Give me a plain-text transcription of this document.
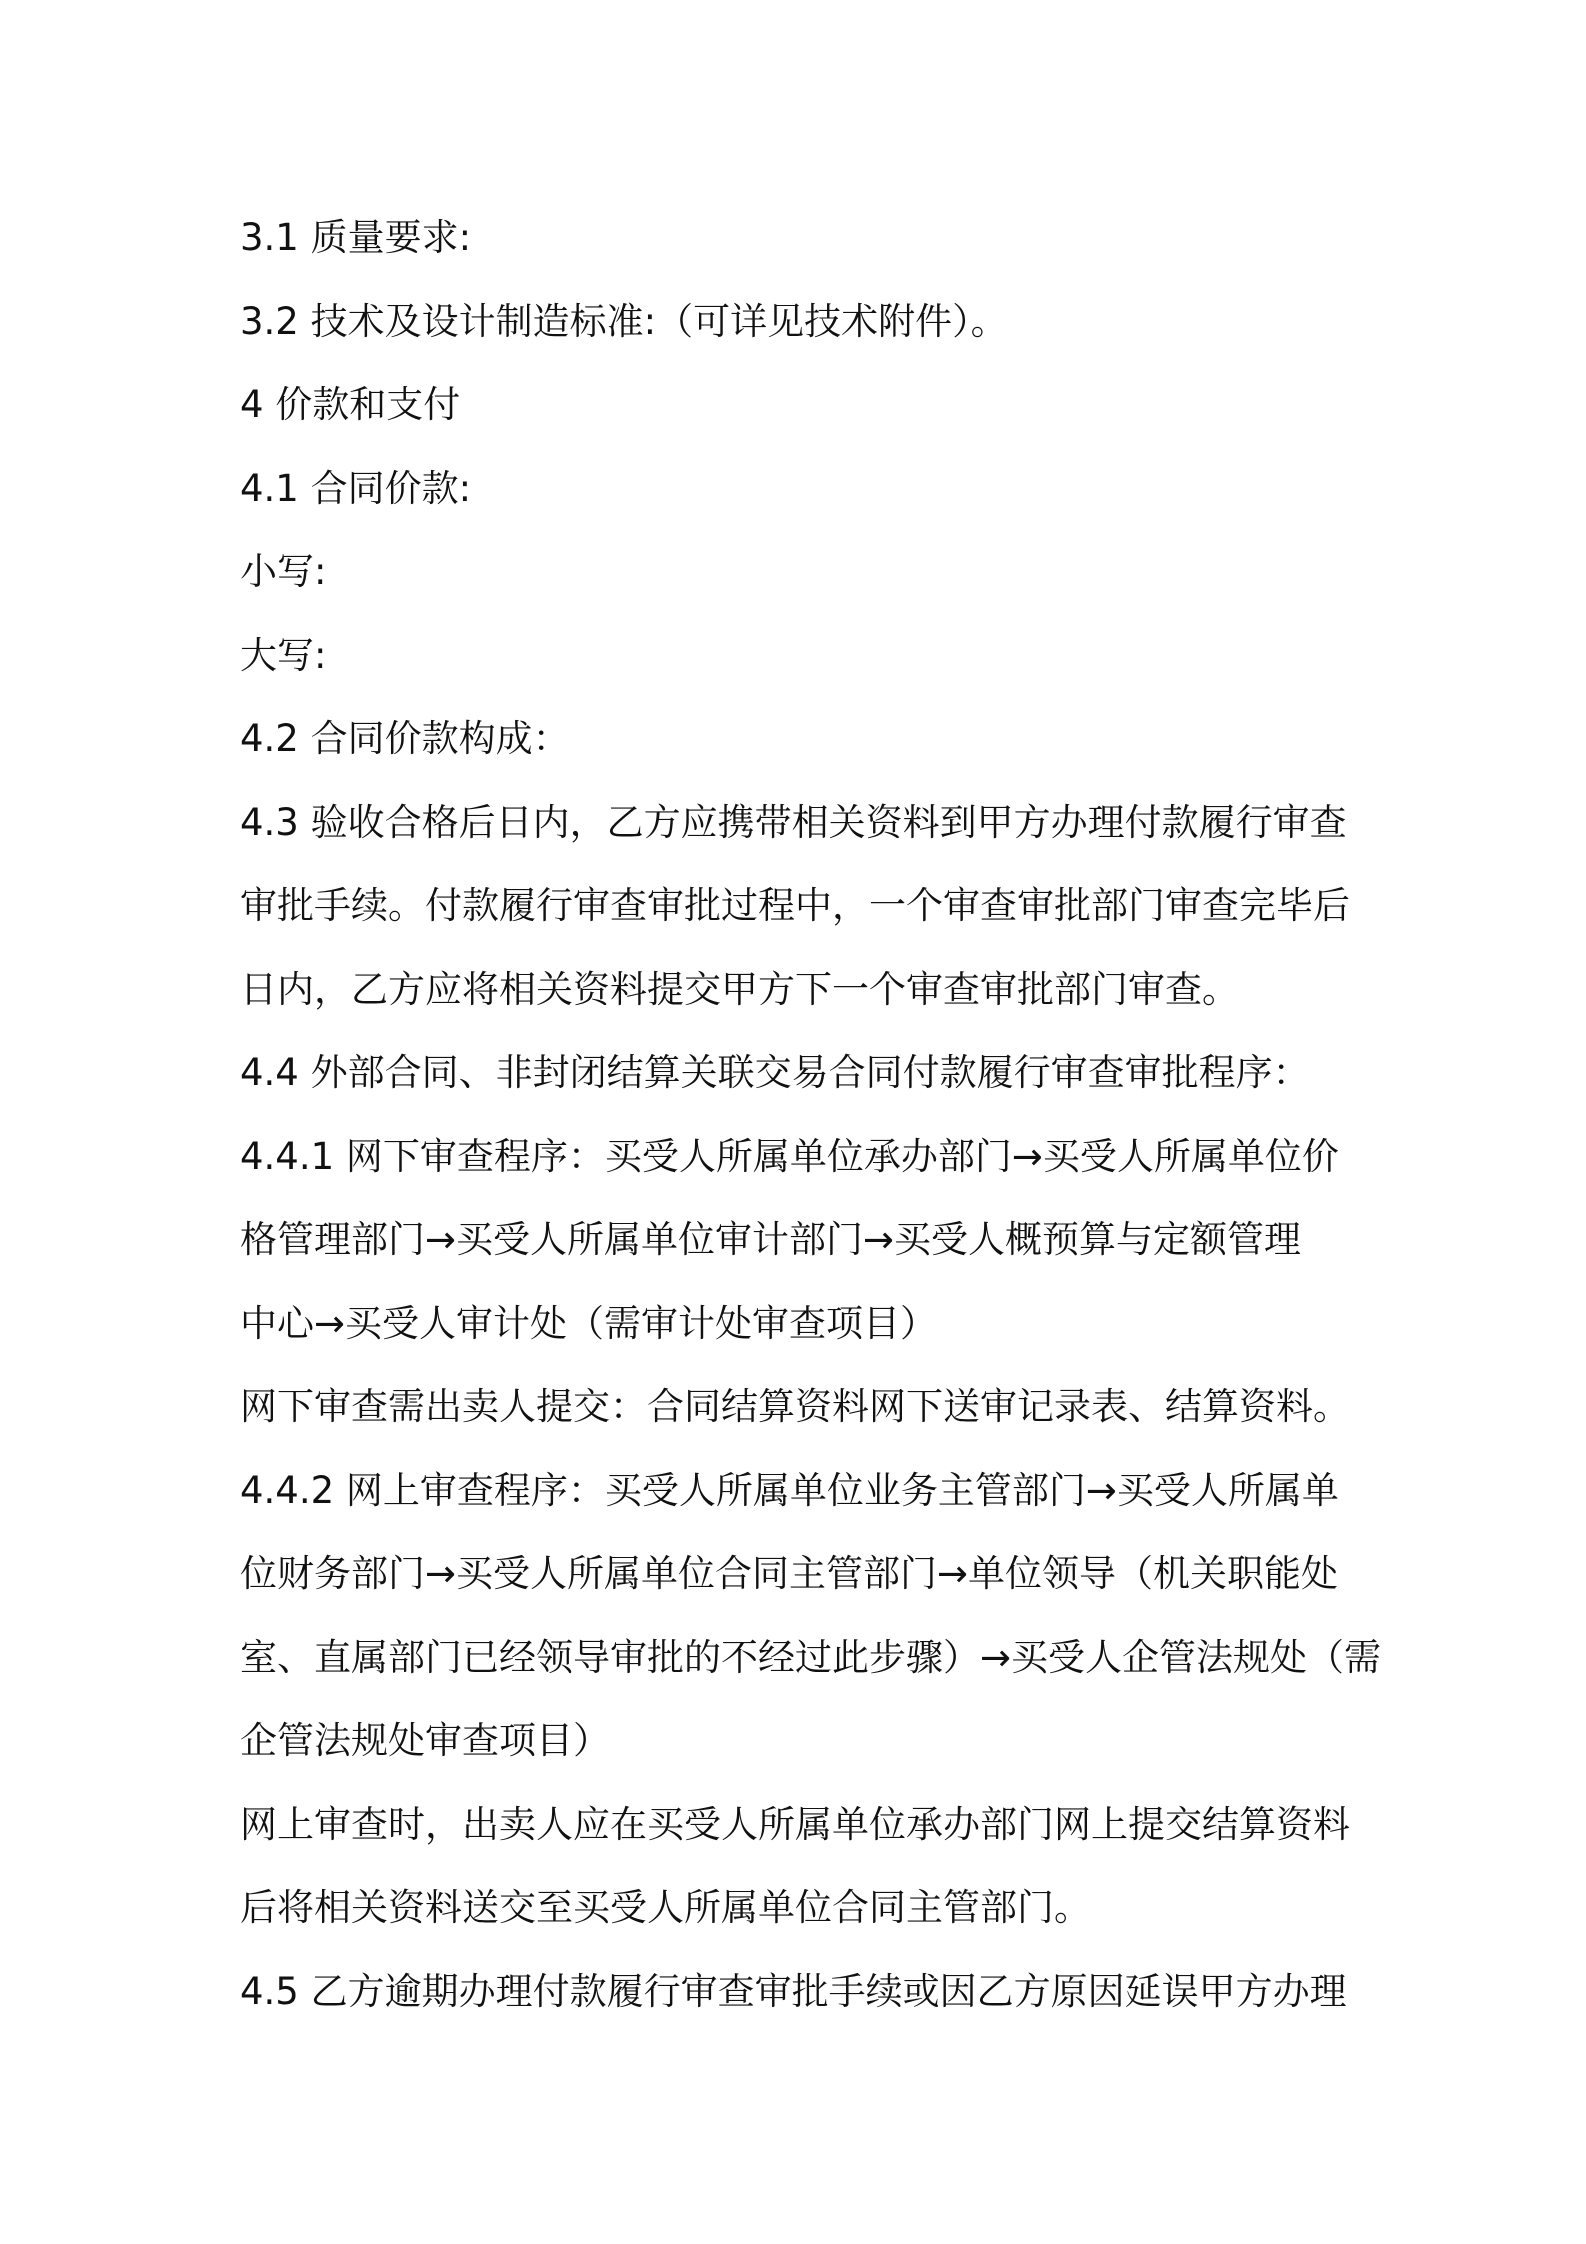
3.1 质量要求:
3.2 技术及设计制造标准:（可详见技术附件）。
4 价款和支付
4.1 合同价款:
小写:
大写:
4.2 合同价款构成：
4.3 验收合格后日内，乙方应携带相关资料到甲方办理付款履行审查
审批手续。付款履行审查审批过程中，一个审查审批部门审查完毕后
日内，乙方应将相关资料提交甲方下一个审查审批部门审查。
4.4 外部合同、非封闭结算关联交易合同付款履行审查审批程序：
4.4.1 网下审查程序：买受人所属单位承办部门→买受人所属单位价
格管理部门→买受人所属单位审计部门→买受人概预算与定额管理
中心→买受人审计处（需审计处审查项目）
网下审查需出卖人提交：合同结算资料网下送审记录表、结算资料。
4.4.2 网上审查程序：买受人所属单位业务主管部门→买受人所属单
位财务部门→买受人所属单位合同主管部门→单位领导（机关职能处
室、直属部门已经领导审批的不经过此步骤）→买受人企管法规处（需
企管法规处审查项目）
网上审查时，出卖人应在买受人所属单位承办部门网上提交结算资料
后将相关资料送交至买受人所属单位合同主管部门。
4.5 乙方逾期办理付款履行审查审批手续或因乙方原因延误甲方办理
